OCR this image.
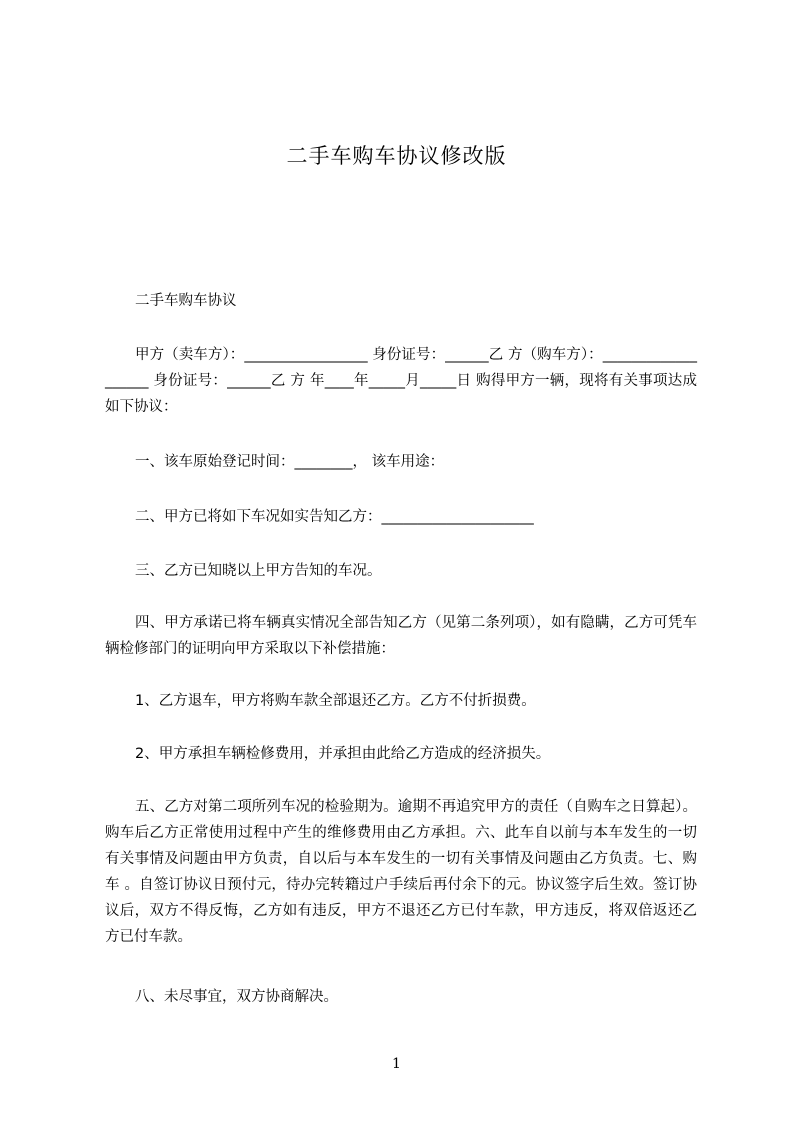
二手车购车协议修改版
二手车购车协议
甲方（卖车方）：_________________ 身份证号：______乙 方（购车方）：___________________ 身份证号：______乙 方 年____年_____月_____日 购得甲方一辆，现将有关事项达成如下协议：
一、该车原始登记时间：________， 该车用途：
二、甲方已将如下车况如实告知乙方：_____________________
三、乙方已知晓以上甲方告知的车况。
四、甲方承诺已将车辆真实情况全部告知乙方（见第二条列项），如有隐瞒，乙方可凭车辆检修部门的证明向甲方采取以下补偿措施：
1、乙方退车，甲方将购车款全部退还乙方。乙方不付折损费。
2、甲方承担车辆检修费用，并承担由此给乙方造成的经济损失。
五、乙方对第二项所列车况的检验期为。逾期不再追究甲方的责任（自购车之日算起）。购车后乙方正常使用过程中产生的维修费用由乙方承担。六、此车自以前与本车发生的一切有关事情及问题由甲方负责，自以后与本车发生的一切有关事情及问题由乙方负责。七、购车 。自签订协议日预付元，待办完转籍过户手续后再付余下的元。协议签字后生效。签订协议后，双方不得反悔，乙方如有违反，甲方不退还乙方已付车款，甲方违反，将双倍返还乙方已付车款。
八、未尽事宜，双方协商解决。
1
